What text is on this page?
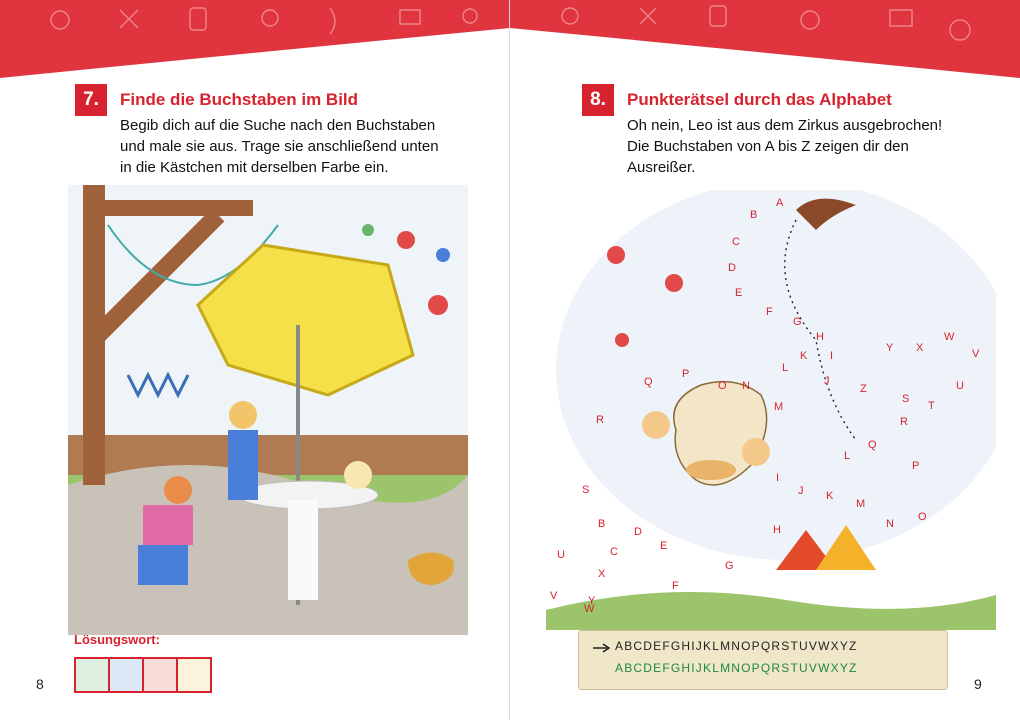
7.	Finde die Buchstaben im Bild
Begib dich auf die Suche nach den Buchstaben
und male sie aus. Trage sie anschließend unten
in die Kästchen mit derselben Farbe ein.
Lösungswort:
8
8.	Punkterätsel durch das Alphabet
Oh nein, Leo ist aus dem Zirkus ausgebrochen!
Die Buchstaben von A bis Z zeigen dir den
Ausreißer.
A
B
C
D
E
F
G
H
I
K
L
J
Z
Y X
W
V
U
T
S
R
Q
P
O
N
M
L
K
J
I
H
G
F
E
D
C
B
Y
X
W
V
U
S
R
Q
P
O N
M
ABCDEFGHIJKLMNOPQRSTUVWXYZ
ABCDEFGHIJKLMNOPQRSTUVWXYZ
9
